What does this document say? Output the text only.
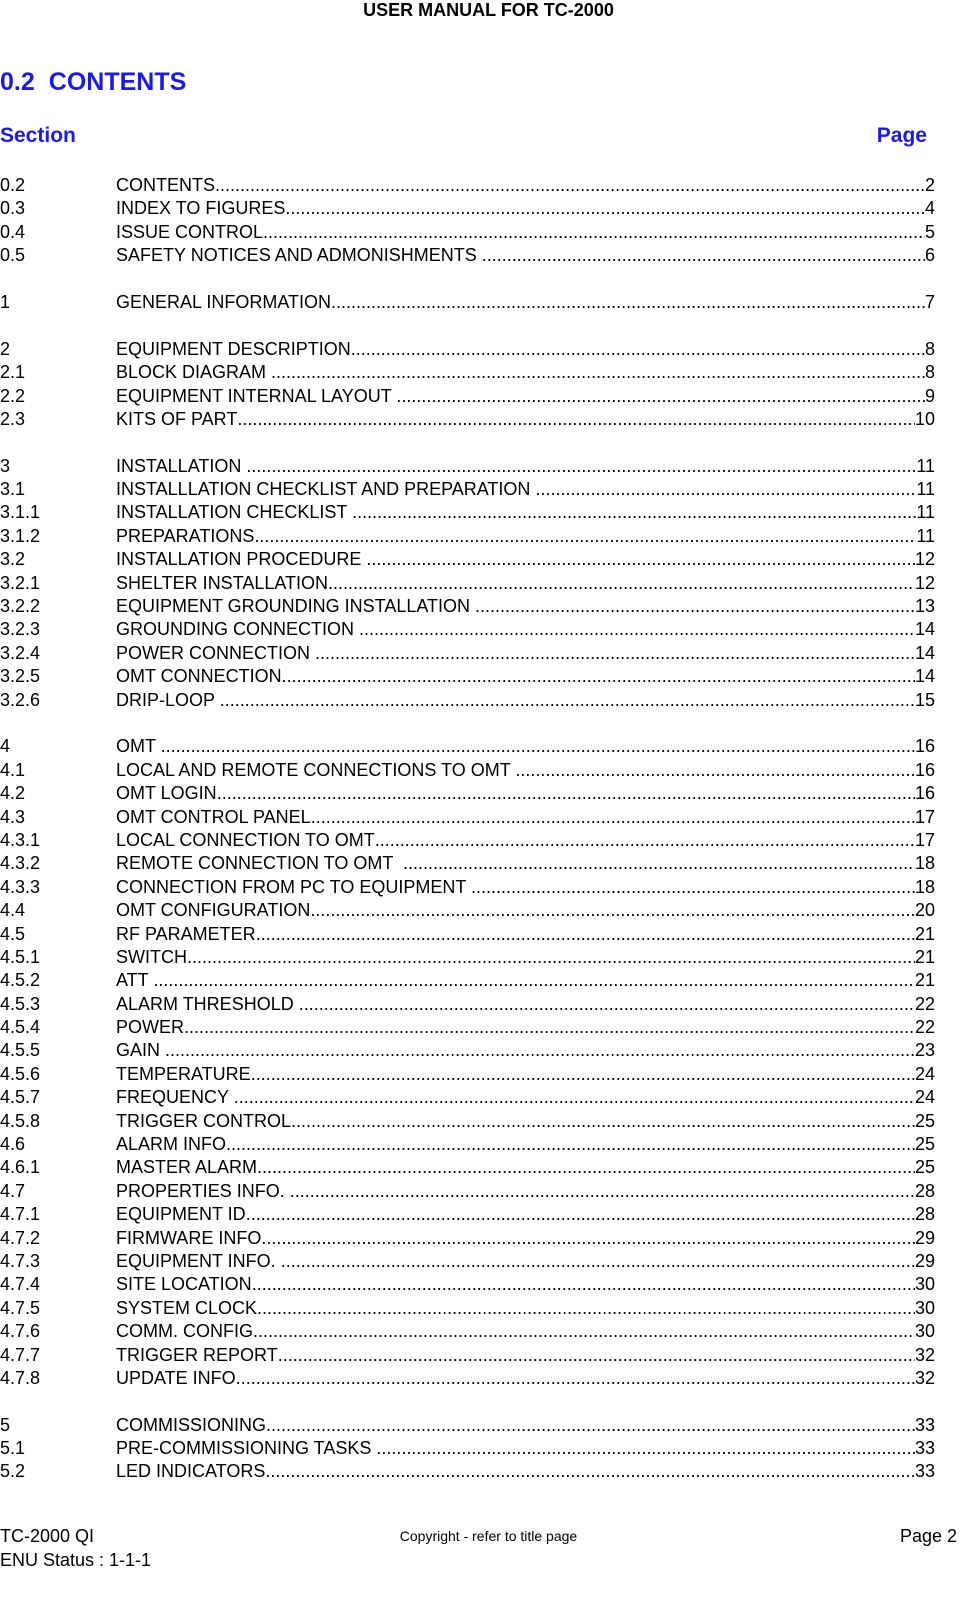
USER MANUAL FOR TC-2000
0.2 CONTENTS
Section	Page
0.2	CONTENTS .....	2
0.3	INDEX TO FIGURES .....	4
0.4	ISSUE CONTROL .....	5
0.5	SAFETY NOTICES AND ADMONISHMENTS .....	6
1	GENERAL INFORMATION .....	7
2	EQUIPMENT DESCRIPTION .....	8
2.1	BLOCK DIAGRAM .....	8
2.2	EQUIPMENT INTERNAL LAYOUT .....	9
2.3	KITS OF PART .....	10
3	INSTALLATION .....	11
3.1	INSTALLLATION CHECKLIST AND PREPARATION .....	11
3.1.1	INSTALLATION CHECKLIST .....	11
3.1.2	PREPARATIONS .....	11
3.2	INSTALLATION PROCEDURE .....	12
3.2.1	SHELTER INSTALLATION .....	12
3.2.2	EQUIPMENT GROUNDING INSTALLATION .....	13
3.2.3	GROUNDING CONNECTION .....	14
3.2.4	POWER CONNECTION .....	14
3.2.5	OMT CONNECTION .....	14
3.2.6	DRIP-LOOP .....	15
4	OMT .....	16
4.1	LOCAL AND REMOTE CONNECTIONS TO OMT .....	16
4.2	OMT LOGIN .....	16
4.3	OMT CONTROL PANEL .....	17
4.3.1	LOCAL CONNECTION TO OMT .....	17
4.3.2	REMOTE CONNECTION TO OMT .....	18
4.3.3	CONNECTION FROM PC TO EQUIPMENT .....	18
4.4	OMT CONFIGURATION .....	20
4.5	RF PARAMETER .....	21
4.5.1	SWITCH .....	21
4.5.2	ATT .....	21
4.5.3	ALARM THRESHOLD .....	22
4.5.4	POWER .....	22
4.5.5	GAIN .....	23
4.5.6	TEMPERATURE .....	24
4.5.7	FREQUENCY .....	24
4.5.8	TRIGGER CONTROL .....	25
4.6	ALARM INFO .....	25
4.6.1	MASTER ALARM .....	25
4.7	PROPERTIES INFO. .....	28
4.7.1	EQUIPMENT ID .....	28
4.7.2	FIRMWARE INFO. .....	29
4.7.3	EQUIPMENT INFO. .....	29
4.7.4	SITE LOCATION .....	30
4.7.5	SYSTEM CLOCK .....	30
4.7.6	COMM. CONFIG .....	30
4.7.7	TRIGGER REPORT .....	32
4.7.8	UPDATE INFO. .....	32
5	COMMISSIONING .....	33
5.1	PRE-COMMISSIONING TASKS .....	33
5.2	LED INDICATORS .....	33
TC-2000 QI
ENU Status : 1-1-1
Copyright - refer to title page	Page 2
